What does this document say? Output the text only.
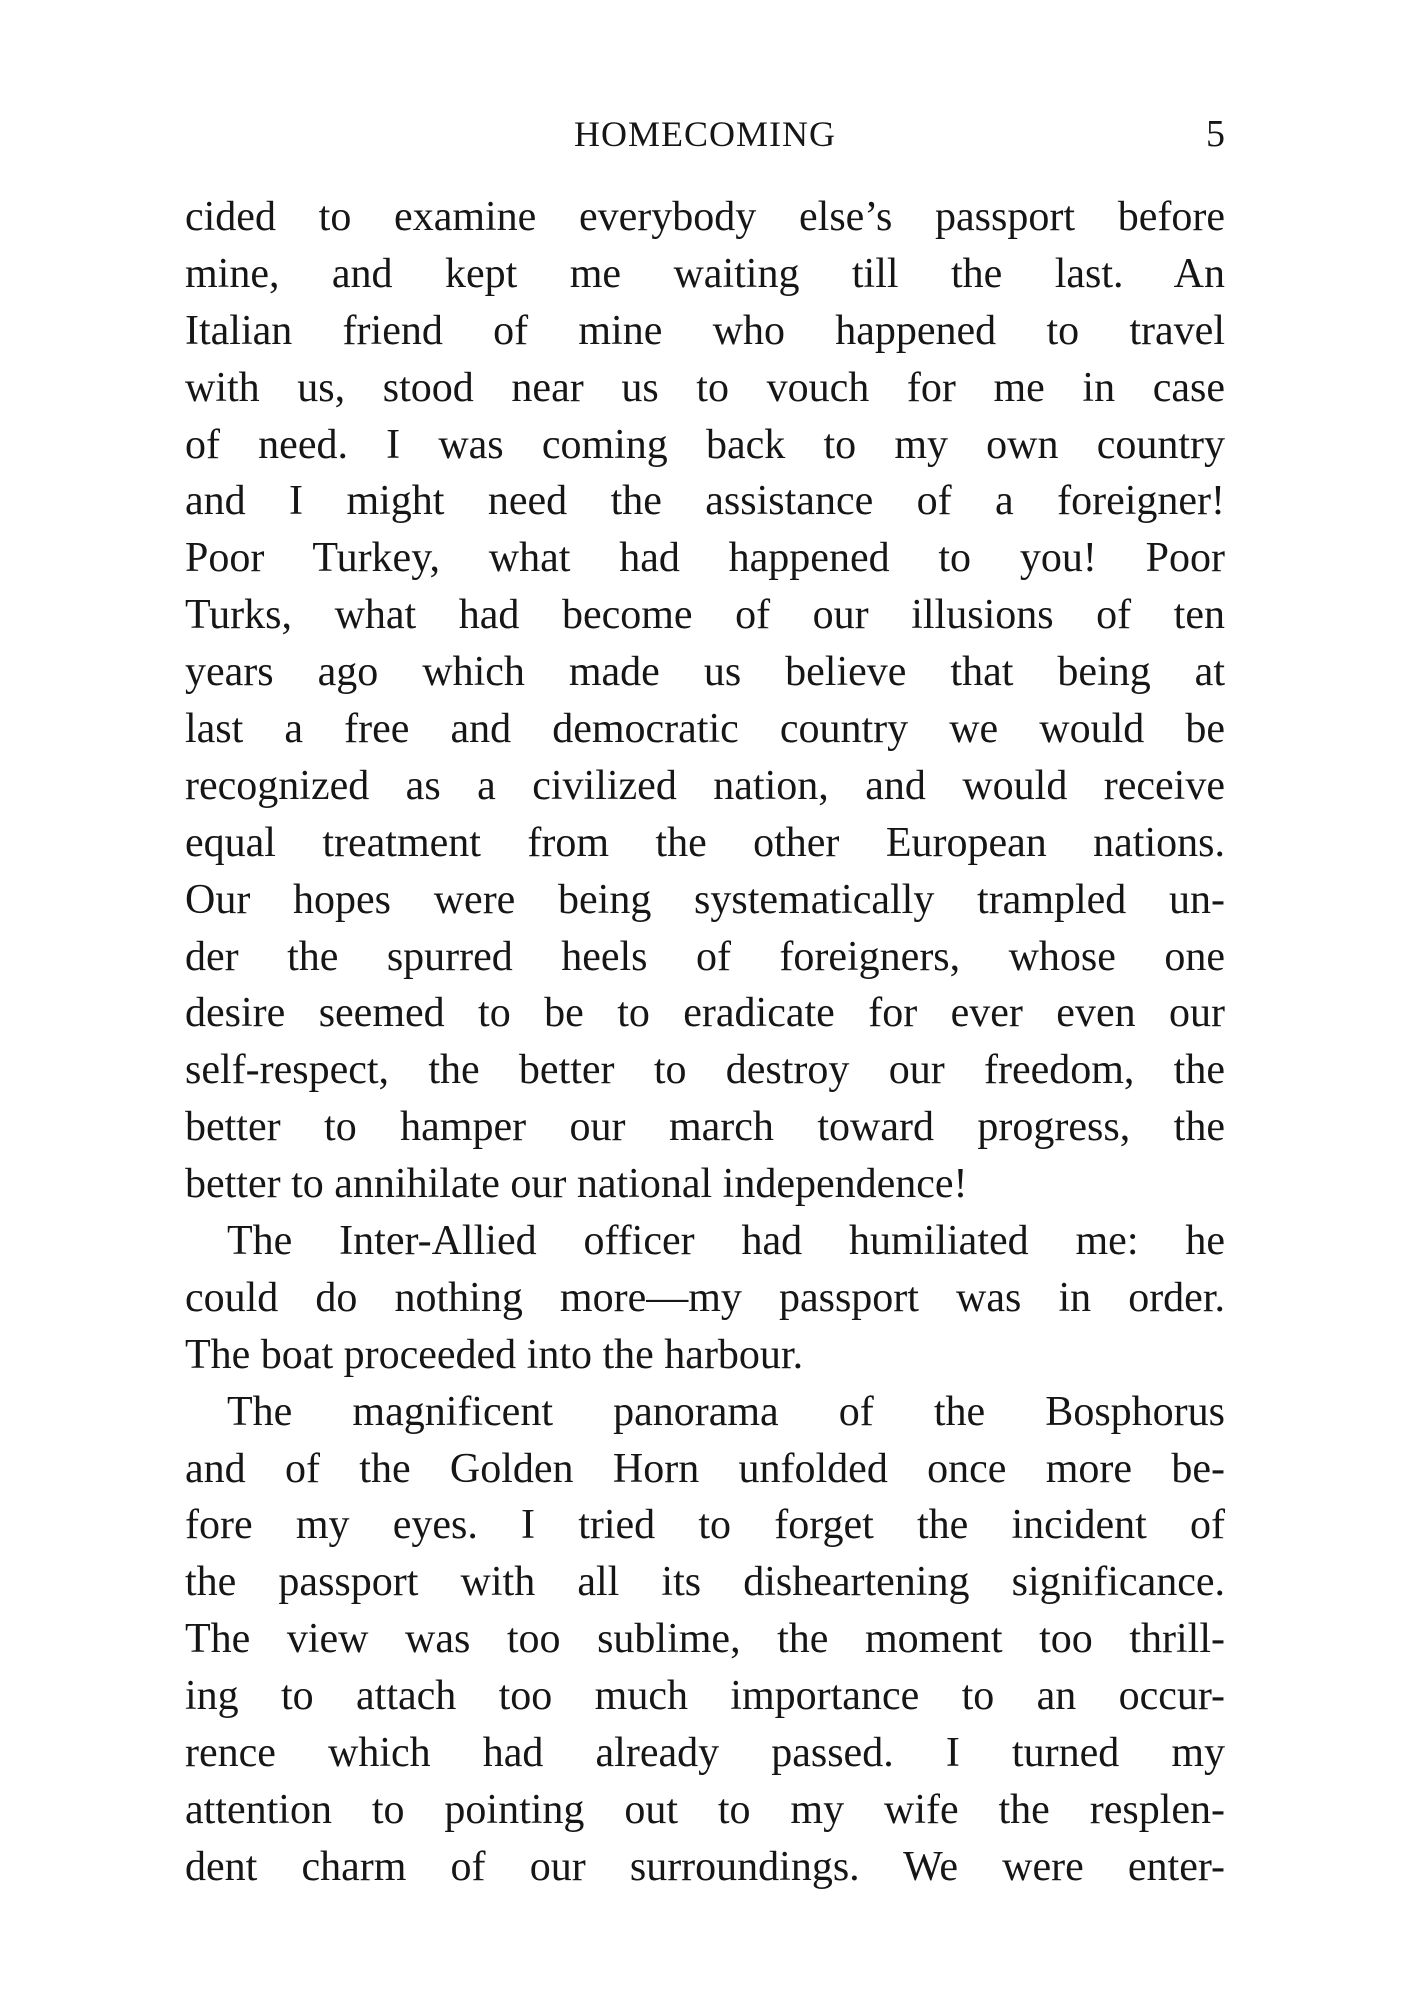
HOMECOMING	5
cided to examine everybody else’s passport before
mine, and kept me waiting till the last. An
Italian friend of mine who happened to travel
with us, stood near us to vouch for me in case
of need. I was coming back to my own country
and I might need the assistance of a foreigner!
Poor Turkey, what had happened to you! Poor
Turks, what had become of our illusions of ten
years ago which made us believe that being at
last a free and democratic country we would be
recognized as a civilized nation, and would receive
equal treatment from the other European nations.
Our hopes were being systematically trampled un-
der the spurred heels of foreigners, whose one
desire seemed to be to eradicate for ever even our
self-respect, the better to destroy our freedom, the
better to hamper our march toward progress, the
better to annihilate our national independence!
The Inter-Allied officer had humiliated me: he
could do nothing more—my passport was in order.
The boat proceeded into the harbour.
The magnificent panorama of the Bosphorus
and of the Golden Horn unfolded once more be-
fore my eyes. I tried to forget the incident of
the passport with all its disheartening significance.
The view was too sublime, the moment too thrill-
ing to attach too much importance to an occur-
rence which had already passed. I turned my
attention to pointing out to my wife the resplen-
dent charm of our surroundings. We were enter-
